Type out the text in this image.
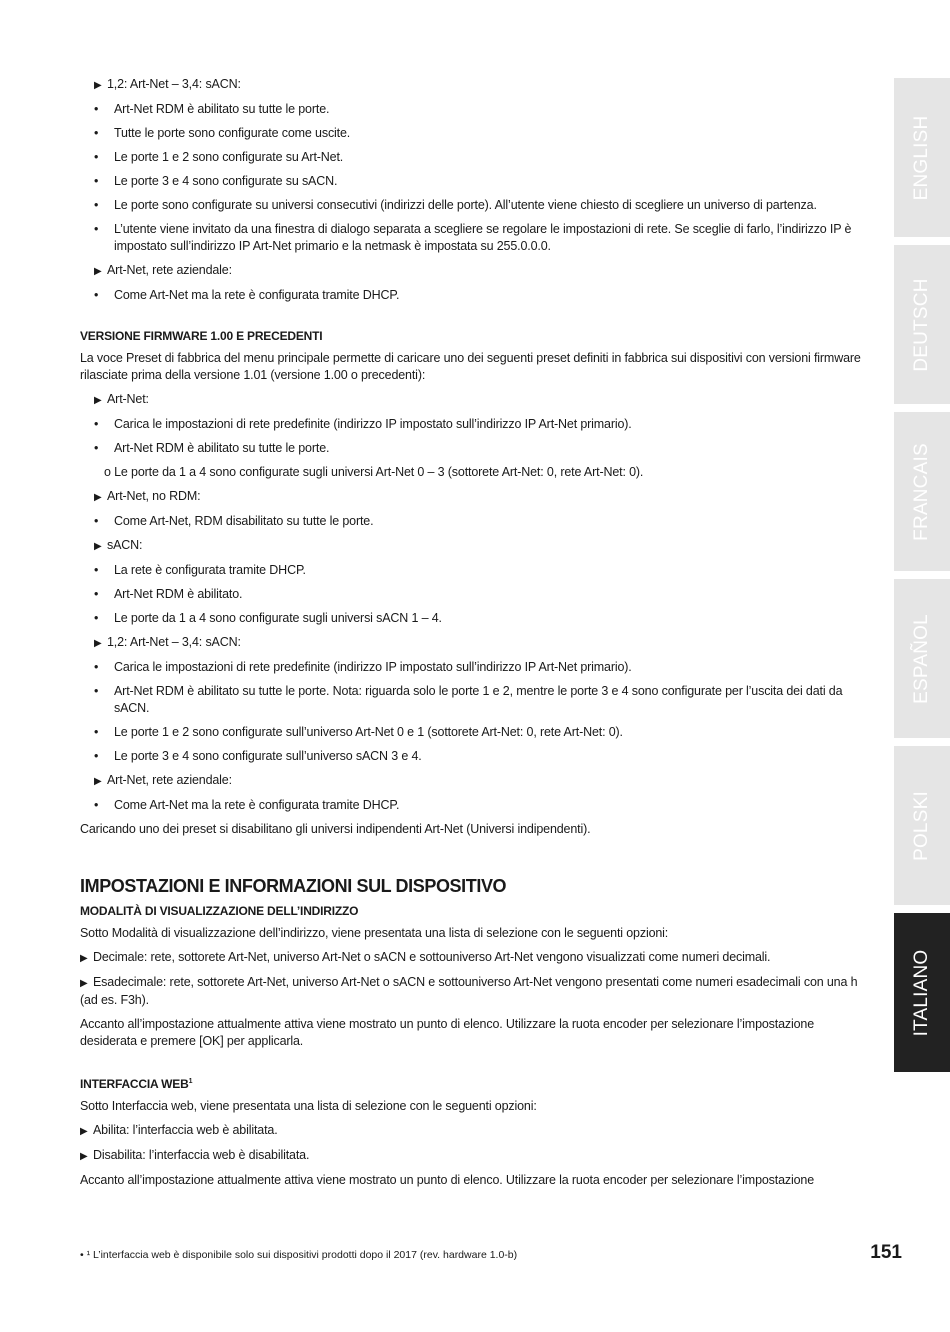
▶ 1,2: Art-Net – 3,4: sACN:
• Art-Net RDM è abilitato su tutte le porte.
• Tutte le porte sono configurate come uscite.
• Le porte 1 e 2 sono configurate su Art-Net.
• Le porte 3 e 4 sono configurate su sACN.
• Le porte sono configurate su universi consecutivi (indirizzi delle porte). All’utente viene chiesto di scegliere un universo di partenza.
• L’utente viene invitato da una finestra di dialogo separata a scegliere se regolare le impostazioni di rete. Se sceglie di farlo, l’indirizzo IP è impostato sull’indirizzo IP Art-Net primario e la netmask è impostata su 255.0.0.0.
▶ Art-Net, rete aziendale:
• Come Art-Net ma la rete è configurata tramite DHCP.
VERSIONE FIRMWARE 1.00 E PRECEDENTI
La voce Preset di fabbrica del menu principale permette di caricare uno dei seguenti preset definiti in fabbrica sui dispositivi con versioni firmware rilasciate prima della versione 1.01 (versione 1.00 o precedenti):
▶ Art-Net:
• Carica le impostazioni di rete predefinite (indirizzo IP impostato sull’indirizzo IP Art-Net primario).
• Art-Net RDM è abilitato su tutte le porte.
o Le porte da 1 a 4 sono configurate sugli universi Art-Net 0 – 3 (sottorete Art-Net: 0, rete Art-Net: 0).
▶ Art-Net, no RDM:
• Come Art-Net, RDM disabilitato su tutte le porte.
▶ sACN:
• La rete è configurata tramite DHCP.
• Art-Net RDM è abilitato.
• Le porte da 1 a 4 sono configurate sugli universi sACN 1 – 4.
▶ 1,2: Art-Net – 3,4: sACN:
• Carica le impostazioni di rete predefinite (indirizzo IP impostato sull’indirizzo IP Art-Net primario).
• Art-Net RDM è abilitato su tutte le porte. Nota: riguarda solo le porte 1 e 2, mentre le porte 3 e 4 sono configurate per l’uscita dei dati da sACN.
• Le porte 1 e 2 sono configurate sull’universo Art-Net 0 e 1 (sottorete Art-Net: 0, rete Art-Net: 0).
• Le porte 3 e 4 sono configurate sull’universo sACN 3 e 4.
▶ Art-Net, rete aziendale:
• Come Art-Net ma la rete è configurata tramite DHCP.
Caricando uno dei preset si disabilitano gli universi indipendenti Art-Net (Universi indipendenti).
IMPOSTAZIONI E INFORMAZIONI SUL DISPOSITIVO
MODALITÀ DI VISUALIZZAZIONE DELL’INDIRIZZO
Sotto Modalità di visualizzazione dell’indirizzo, viene presentata una lista di selezione con le seguenti opzioni:
▶ Decimale: rete, sottorete Art-Net, universo Art-Net o sACN e sottouniverso Art-Net vengono visualizzati come numeri decimali.
▶ Esadecimale: rete, sottorete Art-Net, universo Art-Net o sACN e sottouniverso Art-Net vengono presentati come numeri esadecimali con una h (ad es. F3h).
Accanto all’impostazione attualmente attiva viene mostrato un punto di elenco. Utilizzare la ruota encoder per selezionare l’impostazione desiderata e premere [OK] per applicarla.
INTERFACCIA WEB$^1$
Sotto Interfaccia web, viene presentata una lista di selezione con le seguenti opzioni:
▶ Abilita: l’interfaccia web è abilitata.
▶ Disabilita: l’interfaccia web è disabilitata.
Accanto all’impostazione attualmente attiva viene mostrato un punto di elenco. Utilizzare la ruota encoder per selezionare l’impostazione
ENGLISH
DEUTSCH
FRANCAIS
ESPAÑOL
POLSKI
ITALIANO
• ¹ L’interfaccia web è disponibile solo sui dispositivi prodotti dopo il 2017 (rev. hardware 1.0-b)	151
